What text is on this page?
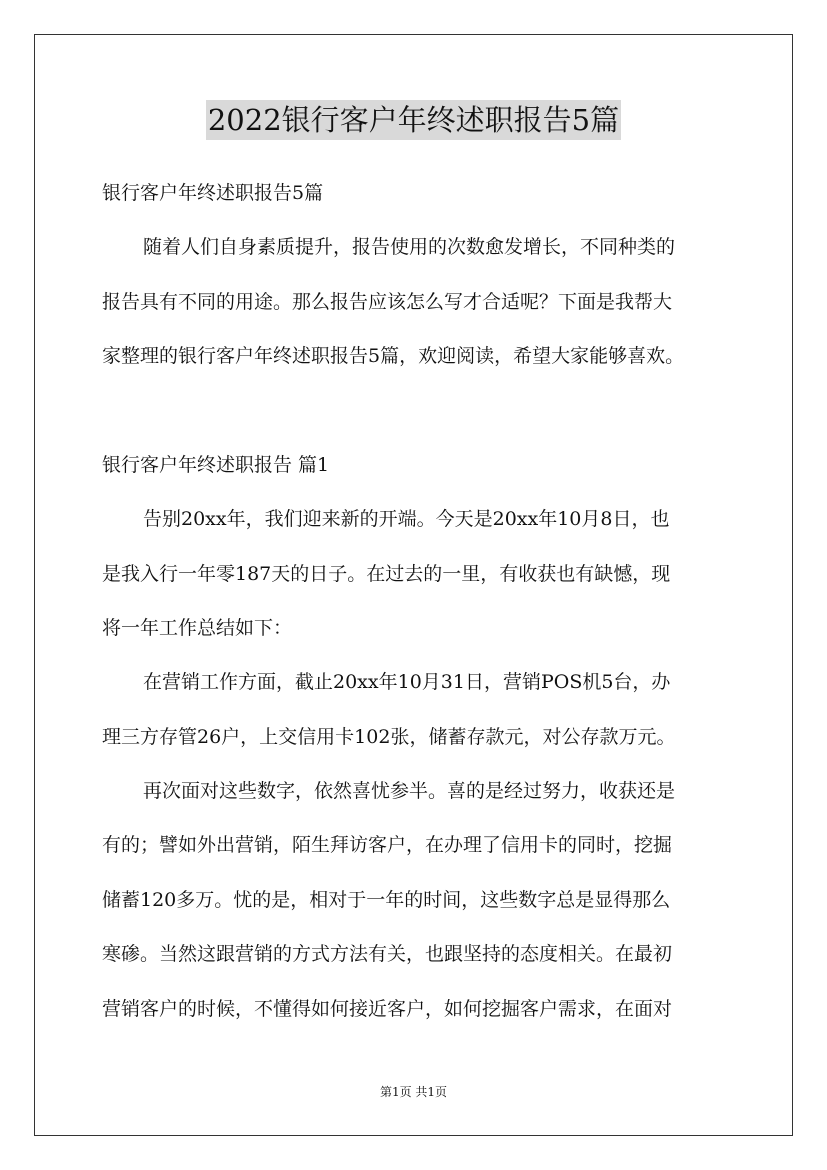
2022银行客户年终述职报告5篇
银行客户年终述职报告5篇
随着人们自身素质提升，报告使用的次数愈发增长，不同种类的
报告具有不同的用途。那么报告应该怎么写才合适呢？下面是我帮大
家整理的银行客户年终述职报告5篇，欢迎阅读，希望大家能够喜欢。
银行客户年终述职报告 篇1
告别20xx年，我们迎来新的开端。今天是20xx年10月8日，也
是我入行一年零187天的日子。在过去的一里，有收获也有缺憾，现
将一年工作总结如下：
在营销工作方面，截止20xx年10月31日，营销POS机5台，办
理三方存管26户，上交信用卡102张，储蓄存款元，对公存款万元。
再次面对这些数字，依然喜忧参半。喜的是经过努力，收获还是
有的；譬如外出营销，陌生拜访客户，在办理了信用卡的同时，挖掘
储蓄120多万。忧的是，相对于一年的时间，这些数字总是显得那么
寒碜。当然这跟营销的方式方法有关，也跟坚持的态度相关。在最初
营销客户的时候，不懂得如何接近客户，如何挖掘客户需求，在面对
第1页 共1页
